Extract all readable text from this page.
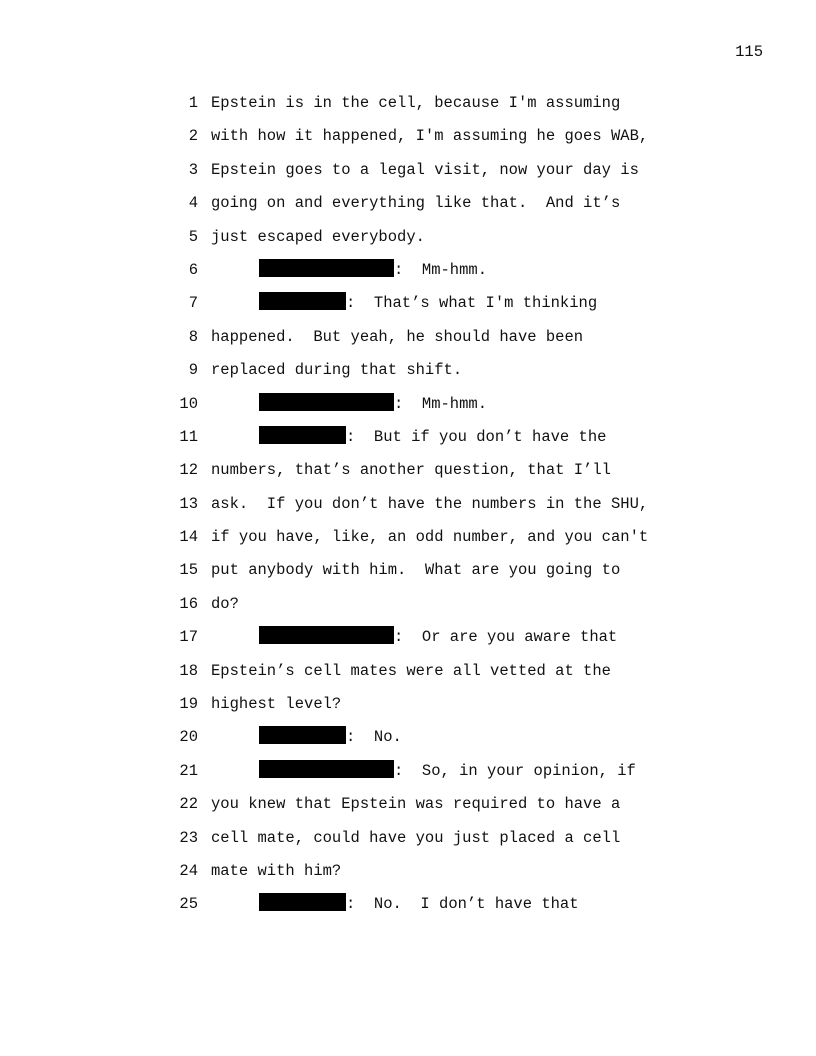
115
1 Epstein is in the cell, because I'm assuming
2 with how it happened, I'm assuming he goes WAB,
3 Epstein goes to a legal visit, now your day is
4 going on and everything like that.  And it’s
5 just escaped everybody.
6	:  Mm-hmm.
7	:  That’s what I'm thinking
8 happened.  But yeah, he should have been
9 replaced during that shift.
10	:  Mm-hmm.
11	:  But if you don’t have the
12 numbers, that’s another question, that I’ll
13 ask.  If you don’t have the numbers in the SHU,
14 if you have, like, an odd number, and you can't
15 put anybody with him.  What are you going to
16 do?
17	:  Or are you aware that
18 Epstein’s cell mates were all vetted at the
19 highest level?
20	:  No.
21	:  So, in your opinion, if
22 you knew that Epstein was required to have a
23 cell mate, could have you just placed a cell
24 mate with him?
25	:  No.  I don’t have that
